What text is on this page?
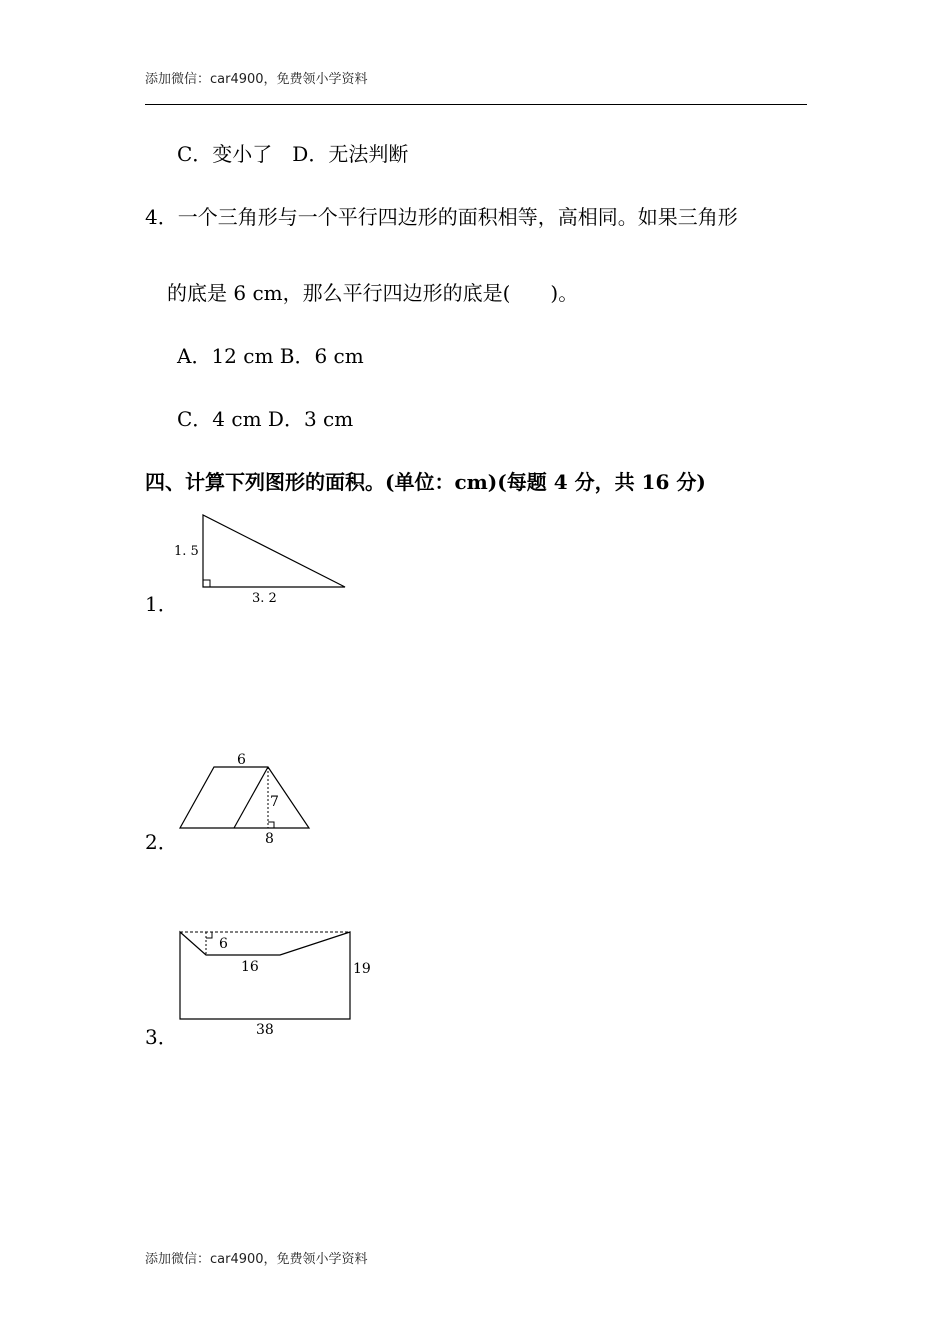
添加微信：car4900，免费领小学资料
C．变小了　D．无法判断
4．一个三角形与一个平行四边形的面积相等，高相同。如果三角形
的底是 6 cm，那么平行四边形的底是(　　)。
A．12 cm B．6 cm
C．4 cm D．3 cm
四、计算下列图形的面积。(单位：cm)(每题 4 分，共 16 分)
1．
1. 5
3. 2
2．
6
7
8
3．
6
16	19
38
添加微信：car4900，免费领小学资料
